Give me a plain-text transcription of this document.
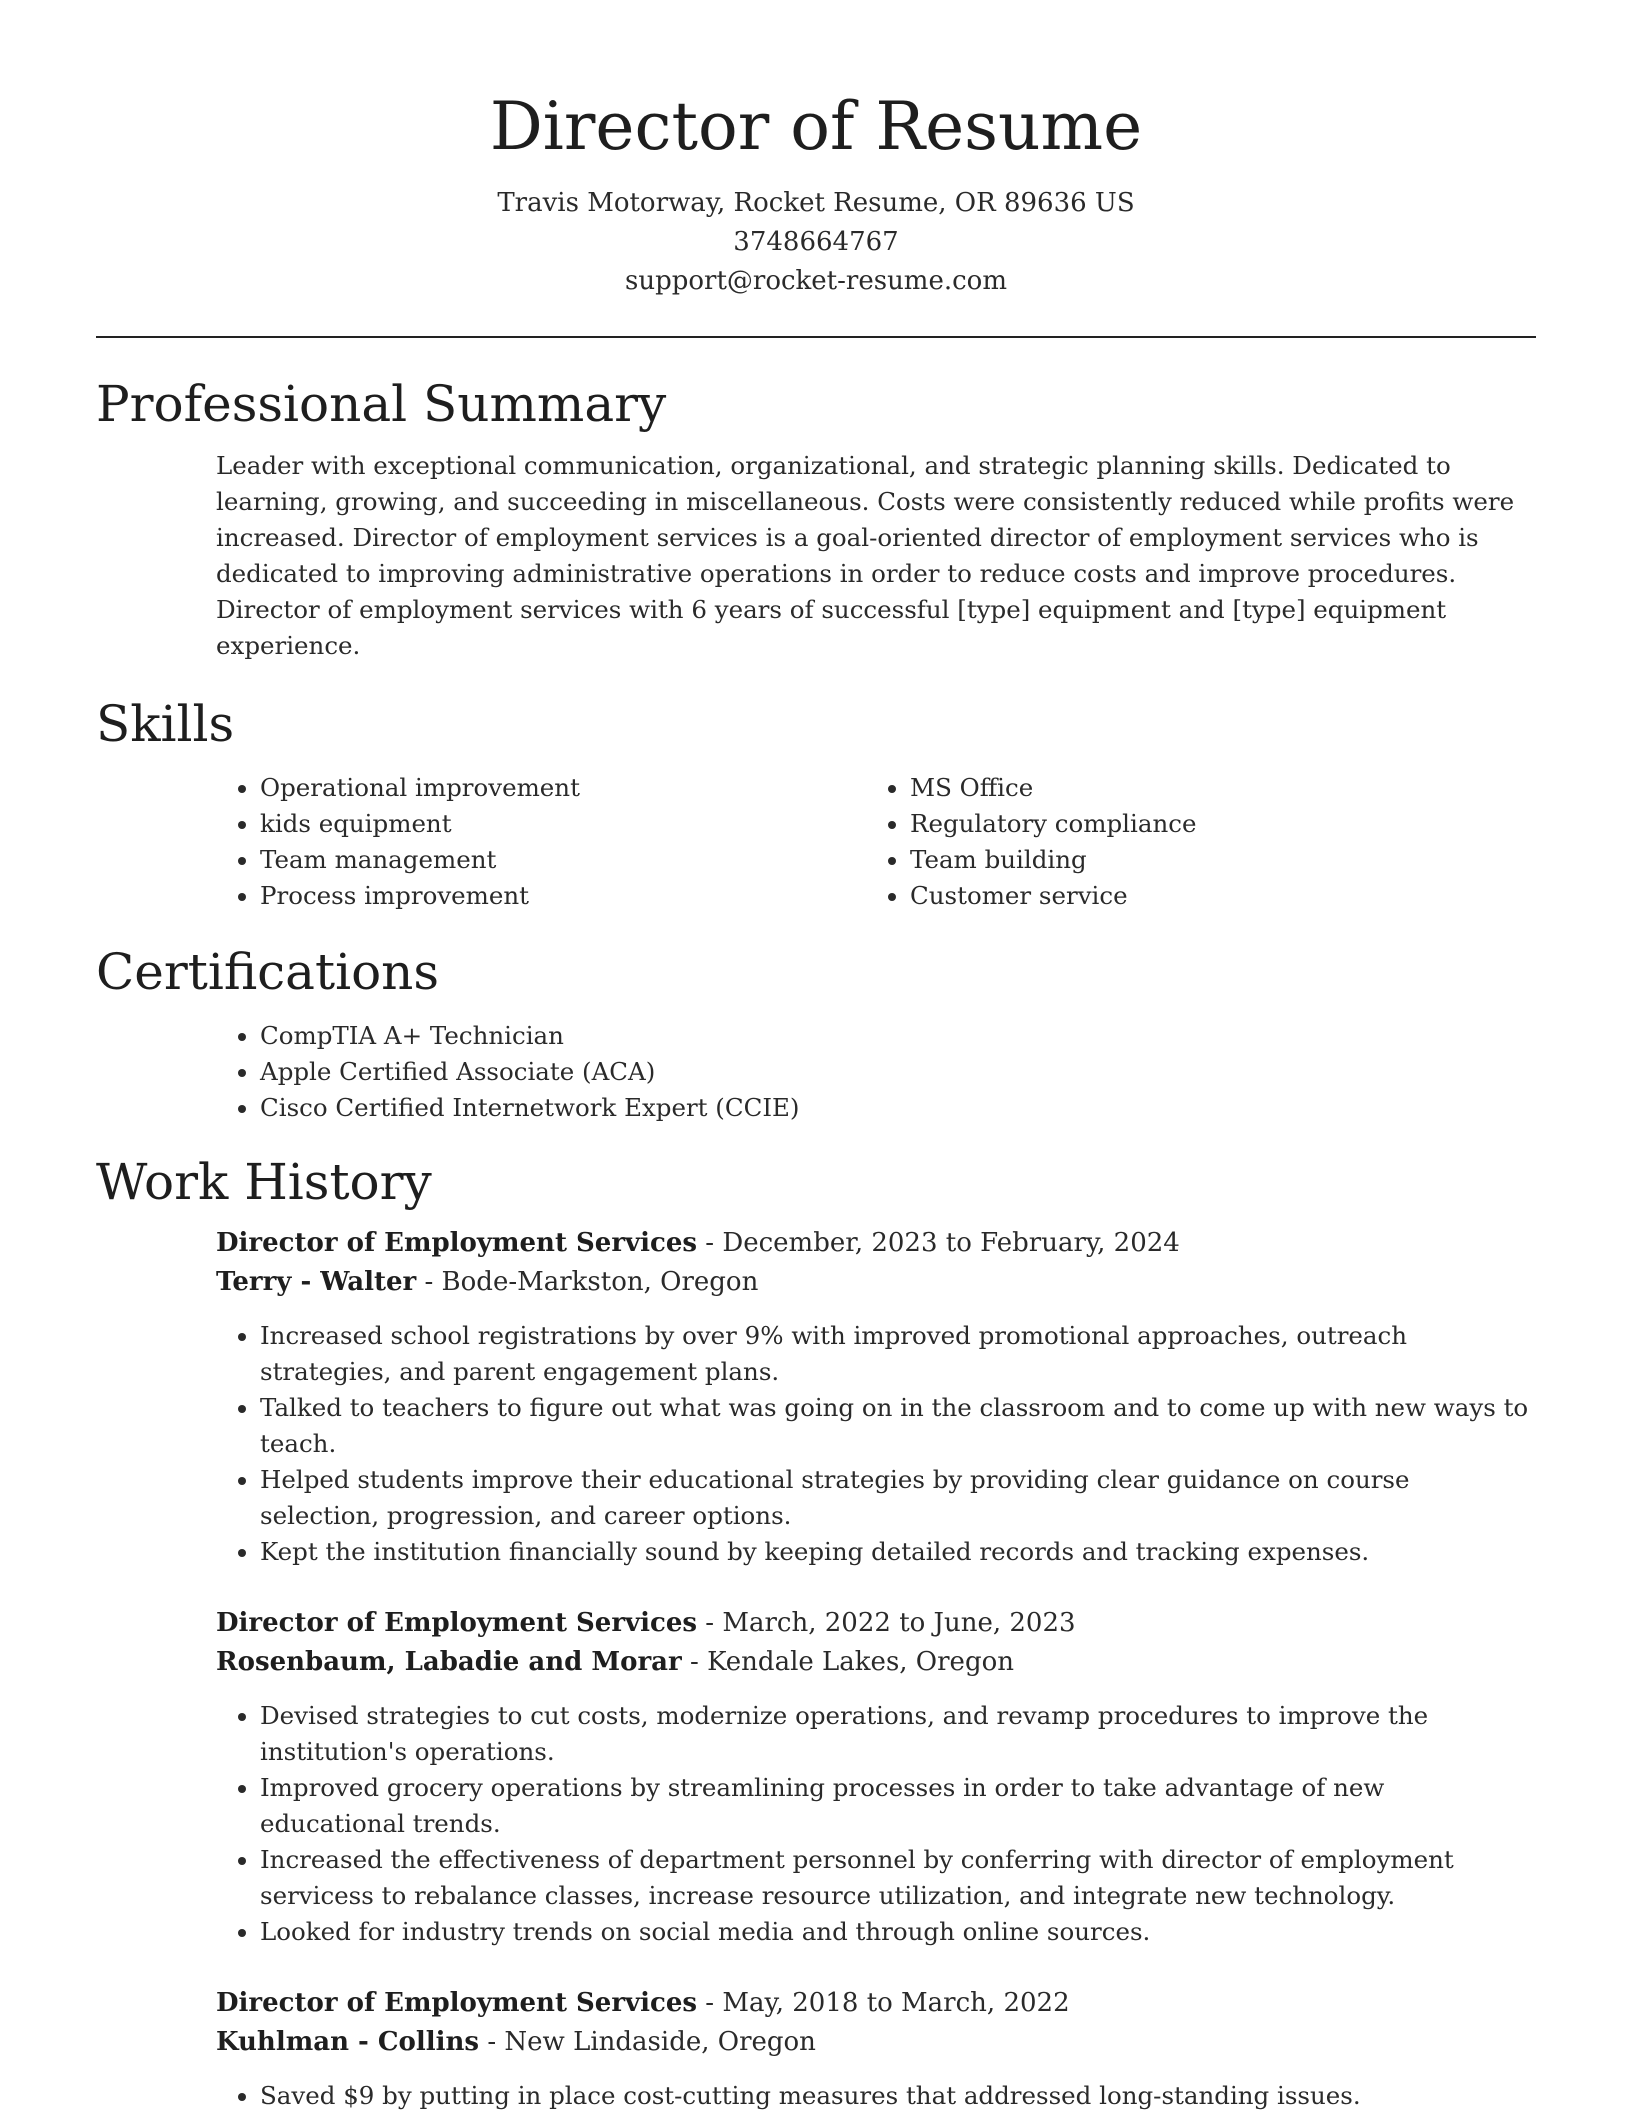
Director of Resume
Travis Motorway, Rocket Resume, OR 89636 US
3748664767
support@rocket-resume.com
Professional Summary

Leader with exceptional communication, organizational, and strategic planning skills. Dedicated to learning, growing, and succeeding in miscellaneous. Costs were consistently reduced while profits were increased. Director of employment services is a goal-oriented director of employment services who is dedicated to improving administrative operations in order to reduce costs and improve procedures. Director of employment services with 6 years of successful [type] equipment and [type] equipment experience.

Skills
• Operational improvement
• kids equipment
• Team management
• Process improvement
• MS Office
• Regulatory compliance
• Team building
• Customer service
Certifications
• CompTIA A+ Technician
• Apple Certified Associate (ACA)
• Cisco Certified Internetwork Expert (CCIE)
Work History
Director of Employment Services - December, 2023 to February, 2024
Terry - Walter - Bode-Markston, Oregon
• Increased school registrations by over 9% with improved promotional approaches, outreach strategies, and parent engagement plans.
• Talked to teachers to figure out what was going on in the classroom and to come up with new ways to teach.
• Helped students improve their educational strategies by providing clear guidance on course selection, progression, and career options.
• Kept the institution financially sound by keeping detailed records and tracking expenses.
Director of Employment Services - March, 2022 to June, 2023
Rosenbaum, Labadie and Morar - Kendale Lakes, Oregon
• Devised strategies to cut costs, modernize operations, and revamp procedures to improve the institution's operations.
• Improved grocery operations by streamlining processes in order to take advantage of new educational trends.
• Increased the effectiveness of department personnel by conferring with director of employment servicess to rebalance classes, increase resource utilization, and integrate new technology.
• Looked for industry trends on social media and through online sources.
Director of Employment Services - May, 2018 to March, 2022
Kuhlman - Collins - New Lindaside, Oregon
• Saved $9 by putting in place cost-cutting measures that addressed long-standing issues.
